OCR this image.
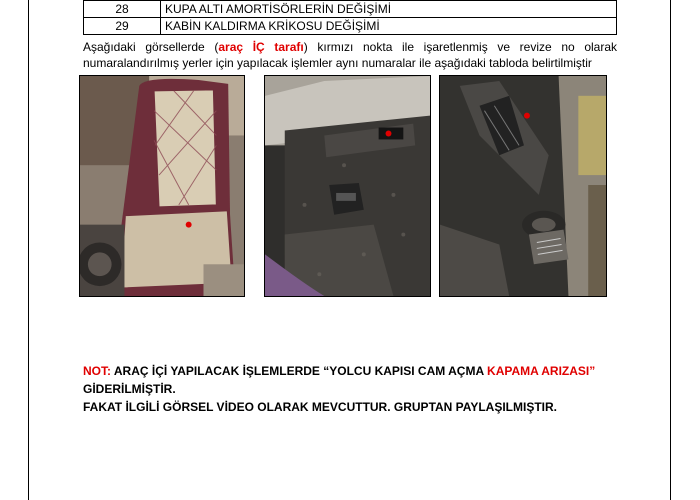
28	KUPA ALTI AMORTİSÖRLERİN DEĞİŞİMİ
29	KABİN KALDIRMA KRİKOSU DEĞİŞİMİ
Aşağıdaki görsellerde (araç İÇ tarafı) kırmızı nokta ile işaretlenmiş ve revize no olarak
numaralandırılmış yerler için yapılacak işlemler aynı numaralar ile aşağıdaki tabloda belirtilmiştir
NOT: ARAÇ İÇİ YAPILACAK İŞLEMLERDE “YOLCU KAPISI CAM AÇMA KAPAMA ARIZASI” GİDERİLMİŞTİR.
FAKAT İLGİLİ GÖRSEL VİDEO OLARAK MEVCUTTUR. GRUPTAN PAYLAŞILMIŞTIR.
